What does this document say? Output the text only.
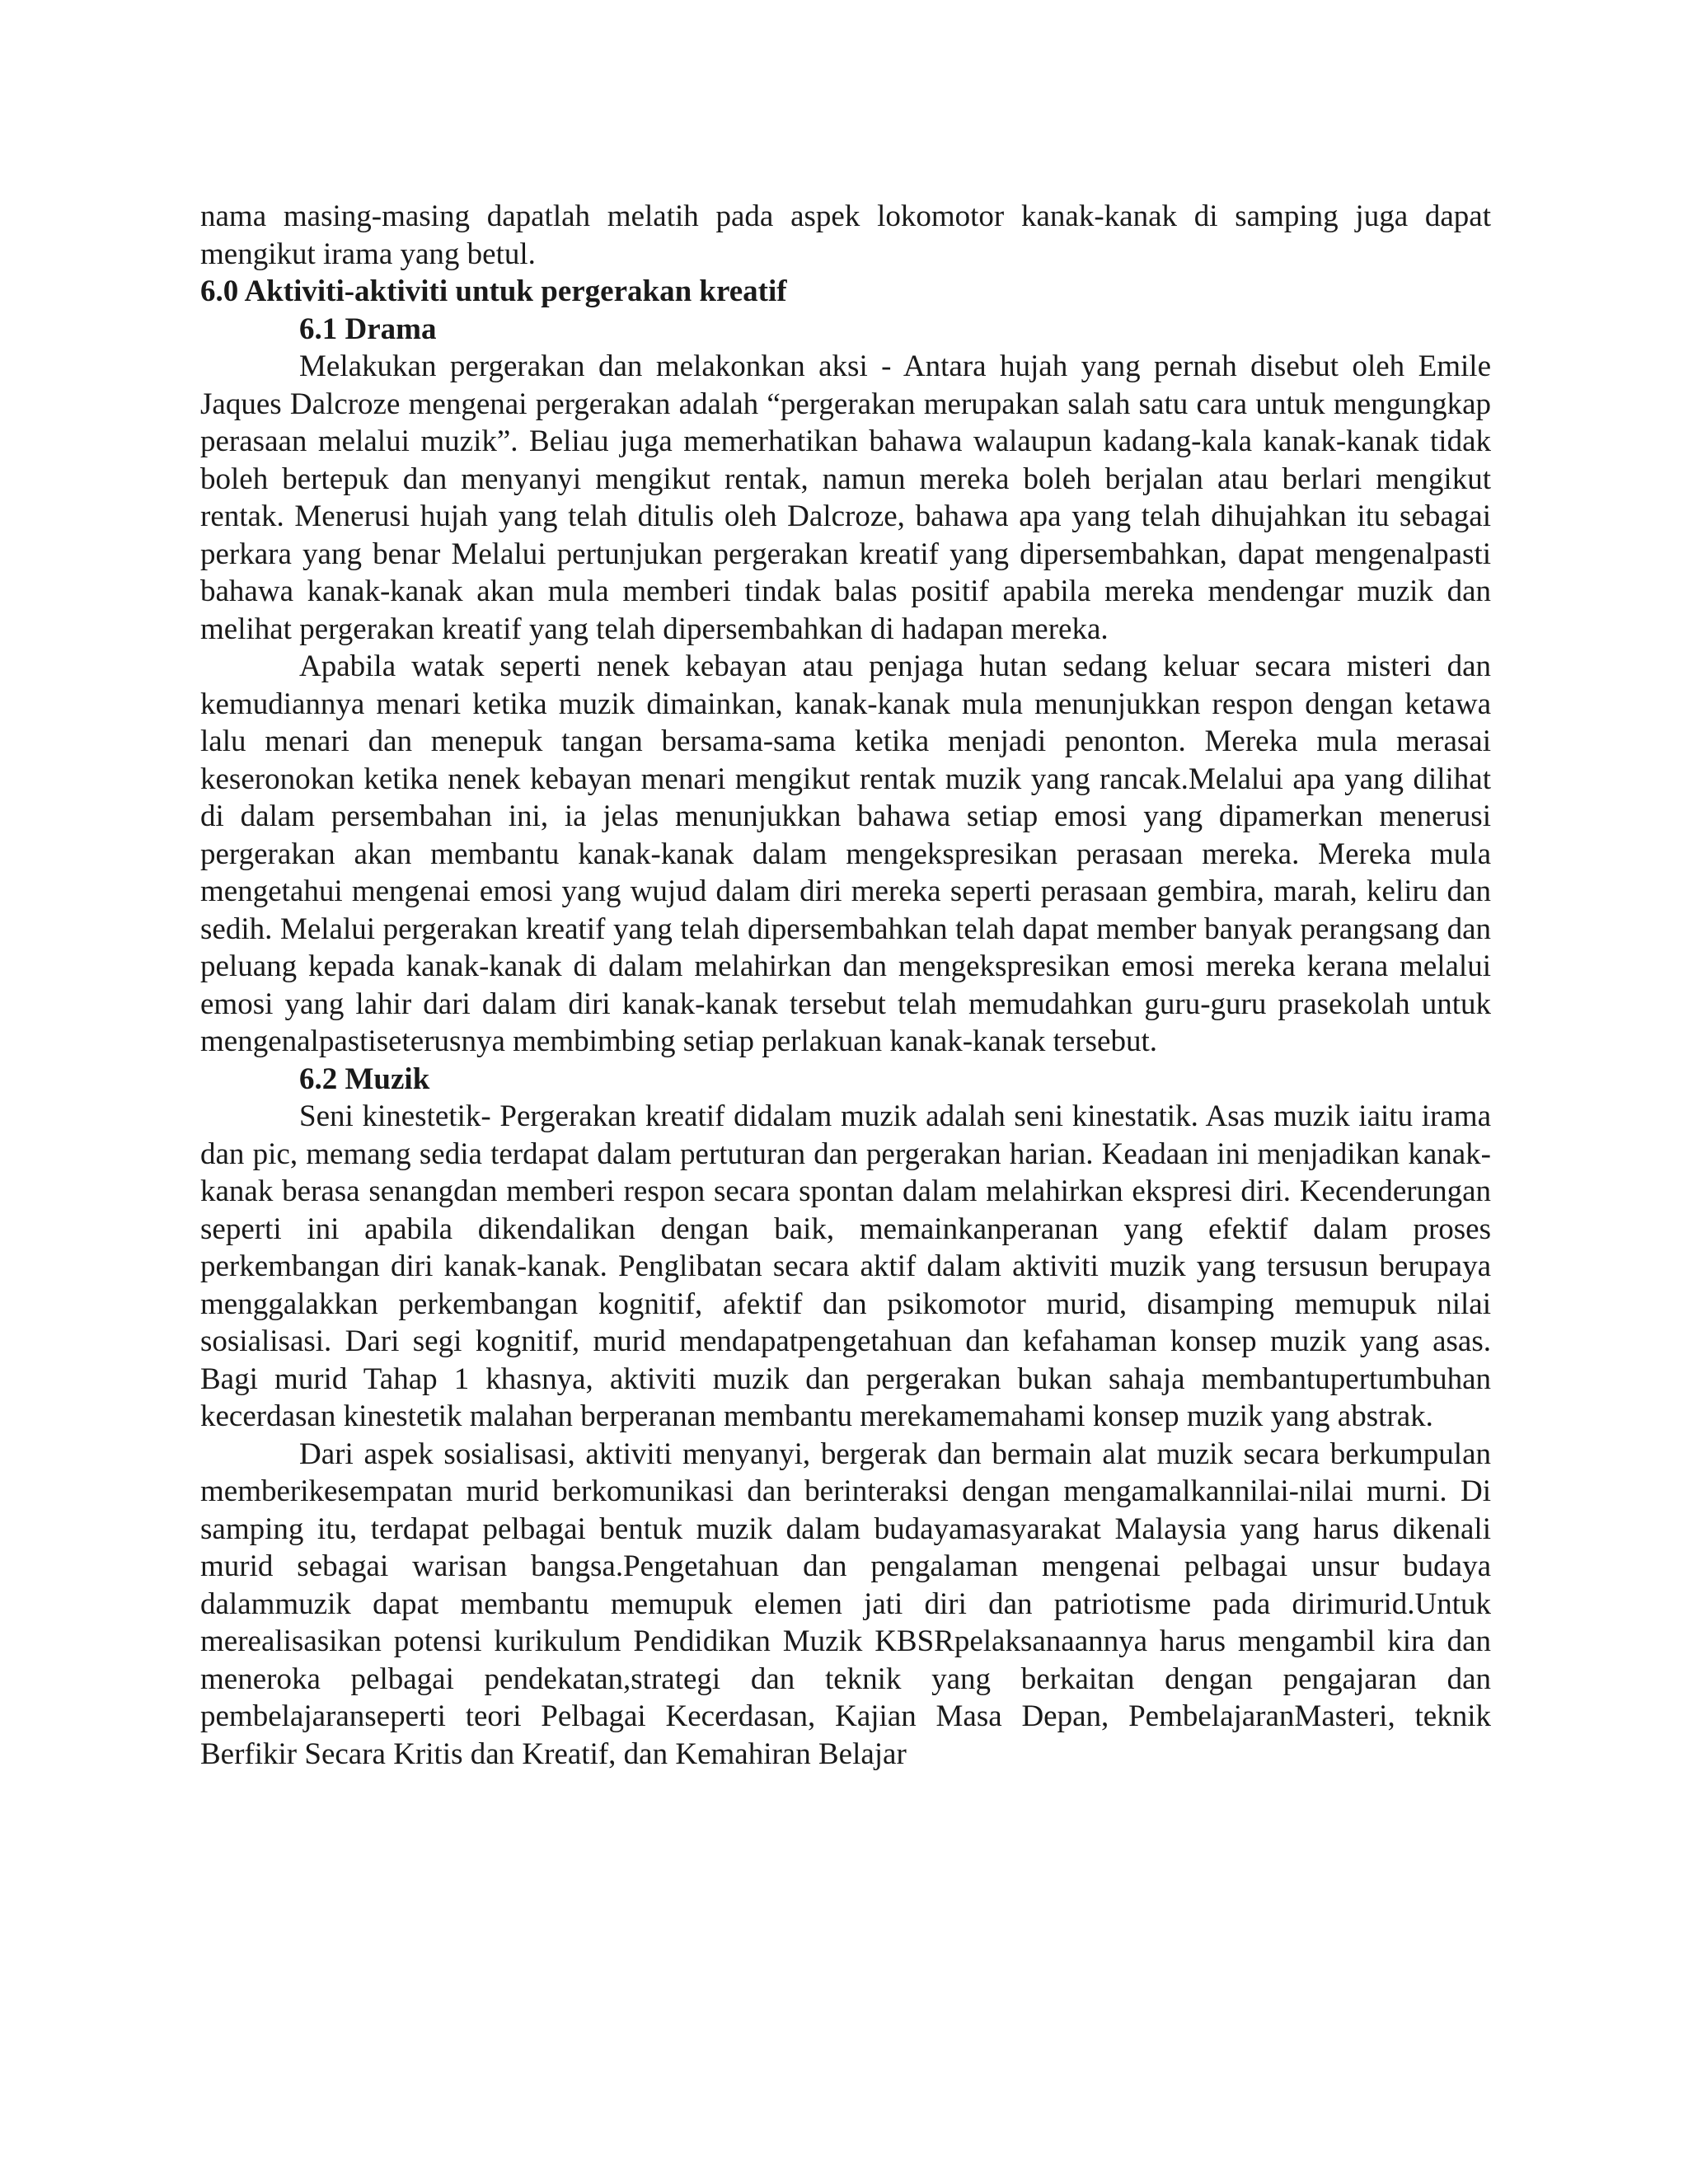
nama masing-masing dapatlah melatih pada aspek lokomotor kanak-kanak di samping juga dapat mengikut irama yang betul.

6.0 Aktiviti-aktiviti untuk pergerakan kreatif
6.1 Drama

Melakukan pergerakan dan melakonkan aksi - Antara hujah yang pernah disebut oleh Emile Jaques Dalcroze mengenai pergerakan adalah “pergerakan merupakan salah satu cara untuk mengungkap perasaan melalui muzik”. Beliau juga memerhatikan bahawa walaupun kadang-kala kanak-kanak tidak boleh bertepuk dan menyanyi mengikut rentak, namun mereka boleh berjalan atau berlari mengikut rentak. Menerusi hujah yang telah ditulis oleh Dalcroze, bahawa apa yang telah dihujahkan itu sebagai perkara yang benar Melalui pertunjukan pergerakan kreatif yang dipersembahkan, dapat mengenalpasti bahawa kanak-kanak akan mula memberi tindak balas positif apabila mereka mendengar muzik dan melihat pergerakan kreatif yang telah dipersembahkan di hadapan mereka.

Apabila watak seperti nenek kebayan atau penjaga hutan sedang keluar secara misteri dan kemudiannya menari ketika muzik dimainkan, kanak-kanak mula menunjukkan respon dengan ketawa lalu menari dan menepuk tangan bersama-sama ketika menjadi penonton. Mereka mula merasai keseronokan ketika nenek kebayan menari mengikut rentak muzik yang rancak.Melalui apa yang dilihat di dalam persembahan ini, ia jelas menunjukkan bahawa setiap emosi yang dipamerkan menerusi pergerakan akan membantu kanak-kanak dalam mengekspresikan perasaan mereka. Mereka mula mengetahui mengenai emosi yang wujud dalam diri mereka seperti perasaan gembira, marah, keliru dan sedih. Melalui pergerakan kreatif yang telah dipersembahkan telah dapat member banyak perangsang dan peluang kepada kanak-kanak di dalam melahirkan dan mengekspresikan emosi mereka kerana melalui emosi yang lahir dari dalam diri kanak-kanak tersebut telah memudahkan guru-guru prasekolah untuk mengenalpastiseterusnya membimbing setiap perlakuan kanak-kanak tersebut.

6.2 Muzik

Seni kinestetik- Pergerakan kreatif didalam muzik adalah seni kinestatik. Asas muzik iaitu irama dan pic, memang sedia terdapat dalam pertuturan dan pergerakan harian. Keadaan ini menjadikan kanak-kanak berasa senangdan memberi respon secara spontan dalam melahirkan ekspresi diri. Kecenderungan seperti ini apabila dikendalikan dengan baik, memainkanperanan yang efektif dalam proses perkembangan diri kanak-kanak. Penglibatan secara aktif dalam aktiviti muzik yang tersusun berupaya menggalakkan perkembangan kognitif, afektif dan psikomotor murid, disamping memupuk nilai sosialisasi. Dari segi kognitif, murid mendapatpengetahuan dan kefahaman konsep muzik yang asas. Bagi murid Tahap 1 khasnya, aktiviti muzik dan pergerakan bukan sahaja membantupertumbuhan kecerdasan kinestetik malahan berperanan membantu merekamemahami konsep muzik yang abstrak.

Dari aspek sosialisasi, aktiviti menyanyi, bergerak dan bermain alat muzik secara berkumpulan memberikesempatan murid berkomunikasi dan berinteraksi dengan mengamalkannilai-nilai murni. Di samping itu, terdapat pelbagai bentuk muzik dalam budayamasyarakat Malaysia yang harus dikenali murid sebagai warisan bangsa.Pengetahuan dan pengalaman mengenai pelbagai unsur budaya dalammuzik dapat membantu memupuk elemen jati diri dan patriotisme pada dirimurid.Untuk merealisasikan potensi kurikulum Pendidikan Muzik KBSRpelaksanaannya harus mengambil kira dan meneroka pelbagai pendekatan,strategi dan teknik yang berkaitan dengan pengajaran dan pembelajaranseperti teori Pelbagai Kecerdasan, Kajian Masa Depan, PembelajaranMasteri, teknik Berfikir Secara Kritis dan Kreatif, dan Kemahiran Belajar
